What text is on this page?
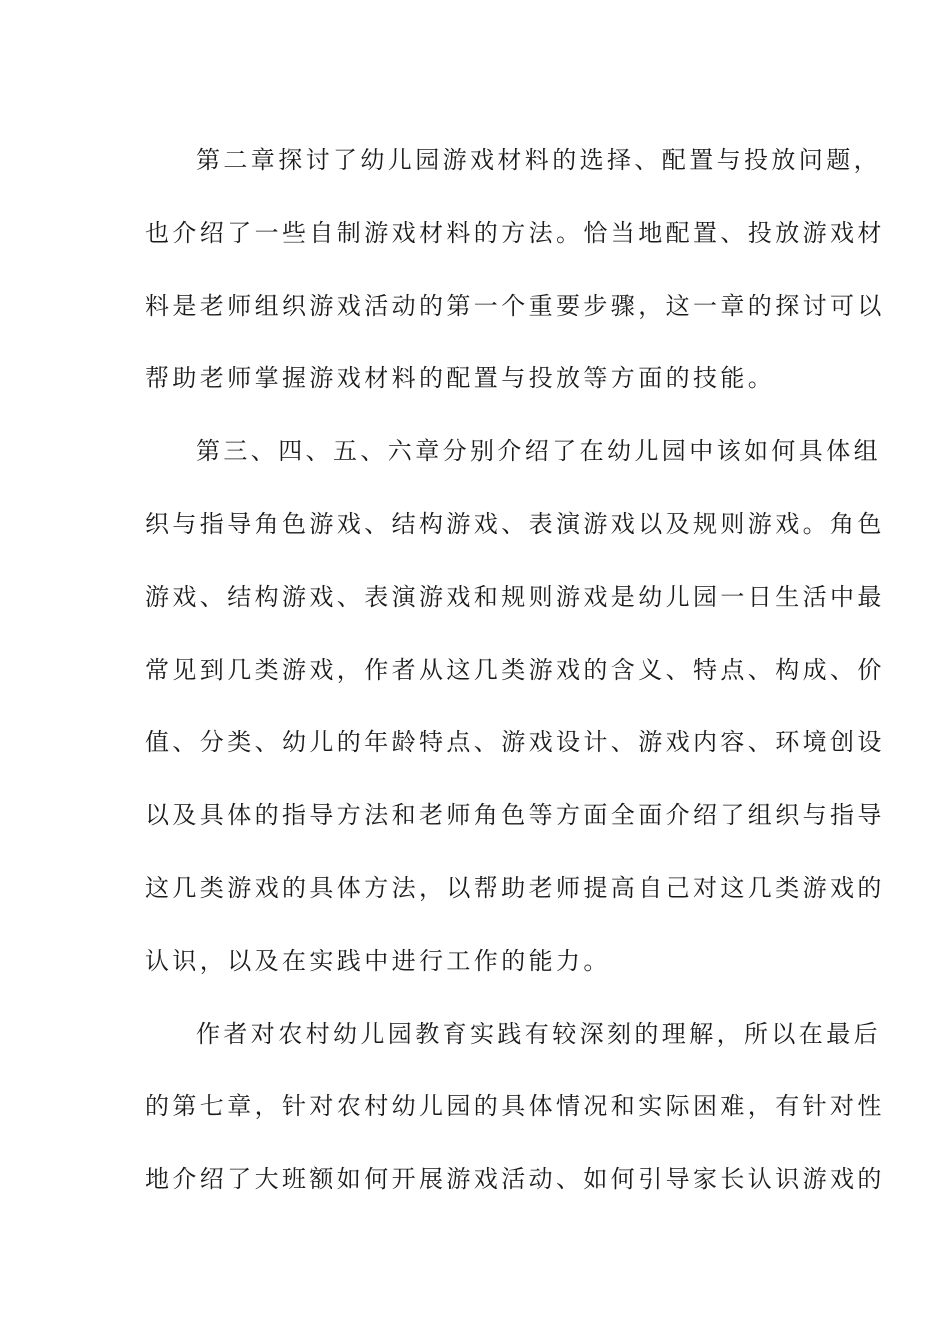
第二章探讨了幼儿园游戏材料的选择、配置与投放问题，
也介绍了一些自制游戏材料的方法。恰当地配置、投放游戏材
料是老师组织游戏活动的第一个重要步骤，这一章的探讨可以
帮助老师掌握游戏材料的配置与投放等方面的技能。
第三、四、五、六章分别介绍了在幼儿园中该如何具体组
织与指导角色游戏、结构游戏、表演游戏以及规则游戏。角色
游戏、结构游戏、表演游戏和规则游戏是幼儿园一日生活中最
常见到几类游戏，作者从这几类游戏的含义、特点、构成、价
值、分类、幼儿的年龄特点、游戏设计、游戏内容、环境创设
以及具体的指导方法和老师角色等方面全面介绍了组织与指导
这几类游戏的具体方法，以帮助老师提高自己对这几类游戏的
认识，以及在实践中进行工作的能力。
作者对农村幼儿园教育实践有较深刻的理解，所以在最后
的第七章，针对农村幼儿园的具体情况和实际困难，有针对性
地介绍了大班额如何开展游戏活动、如何引导家长认识游戏的
